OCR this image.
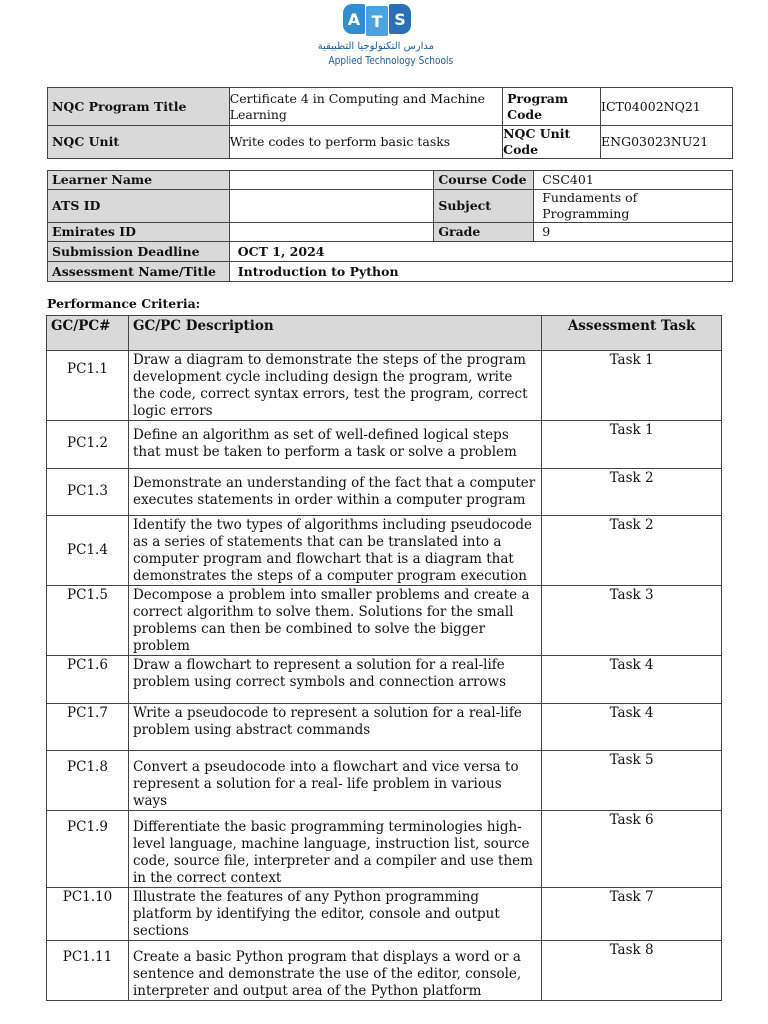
A T S
مدارس التكنولوجيا التطبيقية
Applied Technology Schools
NQC Program Title	Certificate 4 in Computing and Machine Learning	Program Code	ICT04002NQ21
NQC Unit	Write codes to perform basic tasks	NQC Unit Code	ENG03023NU21
Learner Name		Course Code	CSC401
ATS ID		Subject	Fundaments of Programming
Emirates ID		Grade	9
Submission Deadline	OCT 1, 2024		
Assessment Name/Title	Introduction to Python		
Performance Criteria:
GC/PC#	GC/PC Description	Assessment Task
PC1.1	Draw a diagram to demonstrate the steps of the program development cycle including design the program, write the code, correct syntax errors, test the program, correct logic errors	Task 1
PC1.2	Define an algorithm as set of well-defined logical steps that must be taken to perform a task or solve a problem	Task 1
PC1.3	Demonstrate an understanding of the fact that a computer executes statements in order within a computer program	Task 2
PC1.4	Identify the two types of algorithms including pseudocode as a series of statements that can be translated into a computer program and flowchart that is a diagram that demonstrates the steps of a computer program execution	Task 2
PC1.5	Decompose a problem into smaller problems and create a correct algorithm to solve them. Solutions for the small problems can then be combined to solve the bigger problem	Task 3
PC1.6	Draw a flowchart to represent a solution for a real-life problem using correct symbols and connection arrows	Task 4
PC1.7	Write a pseudocode to represent a solution for a real-life problem using abstract commands	Task 4
PC1.8	Convert a pseudocode into a flowchart and vice versa to represent a solution for a real- life problem in various ways	Task 5
PC1.9	Differentiate the basic programming terminologies high-level language, machine language, instruction list, source code, source file, interpreter and a compiler and use them in the correct context	Task 6
PC1.10	Illustrate the features of any Python programming platform by identifying the editor, console and output sections	Task 7
PC1.11	Create a basic Python program that displays a word or a sentence and demonstrate the use of the editor, console, interpreter and output area of the Python platform	Task 8
